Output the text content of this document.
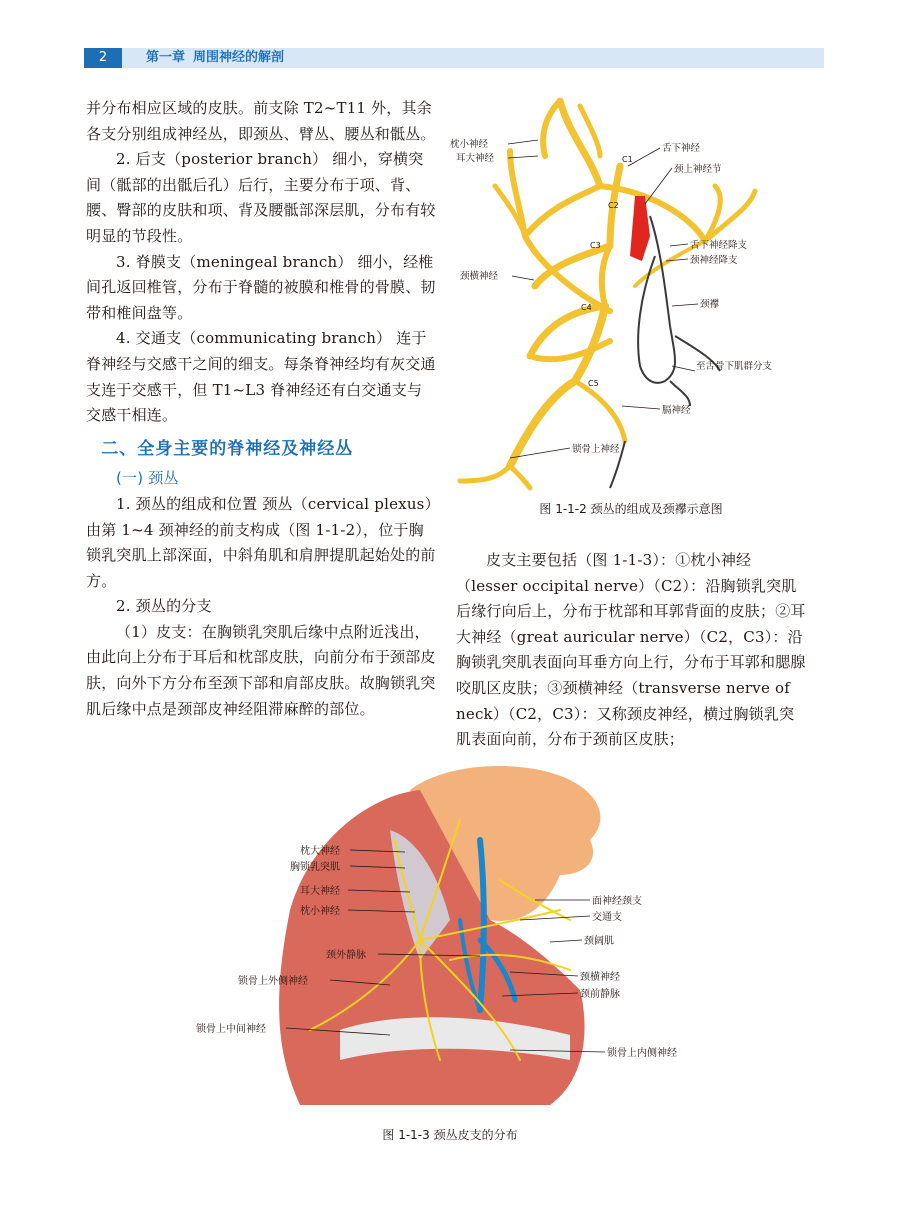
2	第一章 周围神经的解剖

并分布相应区域的皮肤。前支除 T2~T11 外，其余各支分别组成神经丛，即颈丛、臂丛、腰丛和骶丛。

2. 后支（posterior branch） 细小，穿横突间（骶部的出骶后孔）后行，主要分布于项、背、腰、臀部的皮肤和项、背及腰骶部深层肌，分布有较明显的节段性。

3. 脊膜支（meningeal branch） 细小，经椎间孔返回椎管，分布于脊髓的被膜和椎骨的骨膜、韧带和椎间盘等。

4. 交通支（communicating branch） 连于脊神经与交感干之间的细支。每条脊神经均有灰交通支连于交感干，但 T1~L3 脊神经还有白交通支与交感干相连。

二、全身主要的脊神经及神经丛

(一) 颈丛

1. 颈丛的组成和位置 颈丛（cervical plexus）由第 1~4 颈神经的前支构成（图 1-1-2），位于胸锁乳突肌上部深面，中斜角肌和肩胛提肌起始处的前方。

2. 颈丛的分支

（1）皮支：在胸锁乳突肌后缘中点附近浅出，由此向上分布于耳后和枕部皮肤，向前分布于颈部皮肤，向外下方分布至颈下部和肩部皮肤。故胸锁乳突肌后缘中点是颈部皮神经阻滞麻醉的部位。

皮支主要包括（图 1-1-3）：①枕小神经（lesser occipital nerve）（C2）：沿胸锁乳突肌后缘行向后上，分布于枕部和耳郭背面的皮肤；②耳大神经（great auricular nerve）（C2，C3）：沿胸锁乳突肌表面向耳垂方向上行，分布于耳郭和腮腺咬肌区皮肤；③颈横神经（transverse nerve of neck）（C2，C3）：又称颈皮神经，横过胸锁乳突肌表面向前，分布于颈前区皮肤；

枕小神经
耳大神经
舌下神经
颈上神经节
舌下神经降支
颈神经降支
颈横神经
颈襻
至舌骨下肌群分支
膈神经
锁骨上神经
C1
C2
C3
C4
C5
图 1-1-2 颈丛的组成及颈襻示意图
枕大神经
胸锁乳突肌
耳大神经
枕小神经
颈外静脉
锁骨上外侧神经
锁骨上中间神经
面神经颈支
交通支
颈阔肌
颈横神经
颈前静脉
锁骨上内侧神经
图 1-1-3 颈丛皮支的分布
